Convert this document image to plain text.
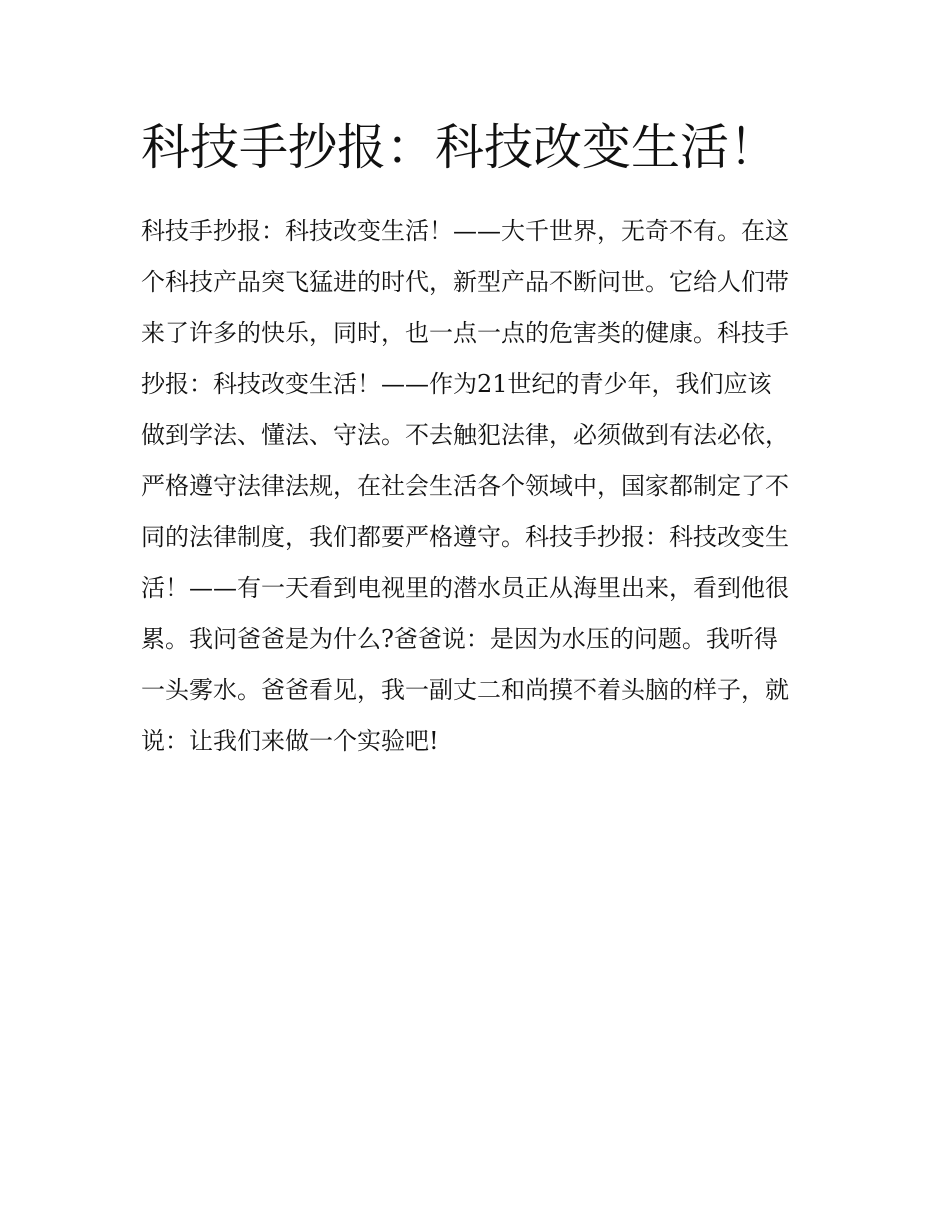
科技手抄报：科技改变生活！

科技手抄报：科技改变生活！——大千世界，无奇不有。在这
个科技产品突飞猛进的时代，新型产品不断问世。它给人们带
来了许多的快乐，同时，也一点一点的危害类的健康。科技手
抄报：科技改变生活！——作为21世纪的青少年，我们应该
做到学法、懂法、守法。不去触犯法律，必须做到有法必依，
严格遵守法律法规，在社会生活各个领域中，国家都制定了不
同的法律制度，我们都要严格遵守。科技手抄报：科技改变生
活！——有一天看到电视里的潜水员正从海里出来，看到他很
累。我问爸爸是为什么?爸爸说：是因为水压的问题。我听得
一头雾水。爸爸看见，我一副丈二和尚摸不着头脑的样子，就
说：让我们来做一个实验吧!
